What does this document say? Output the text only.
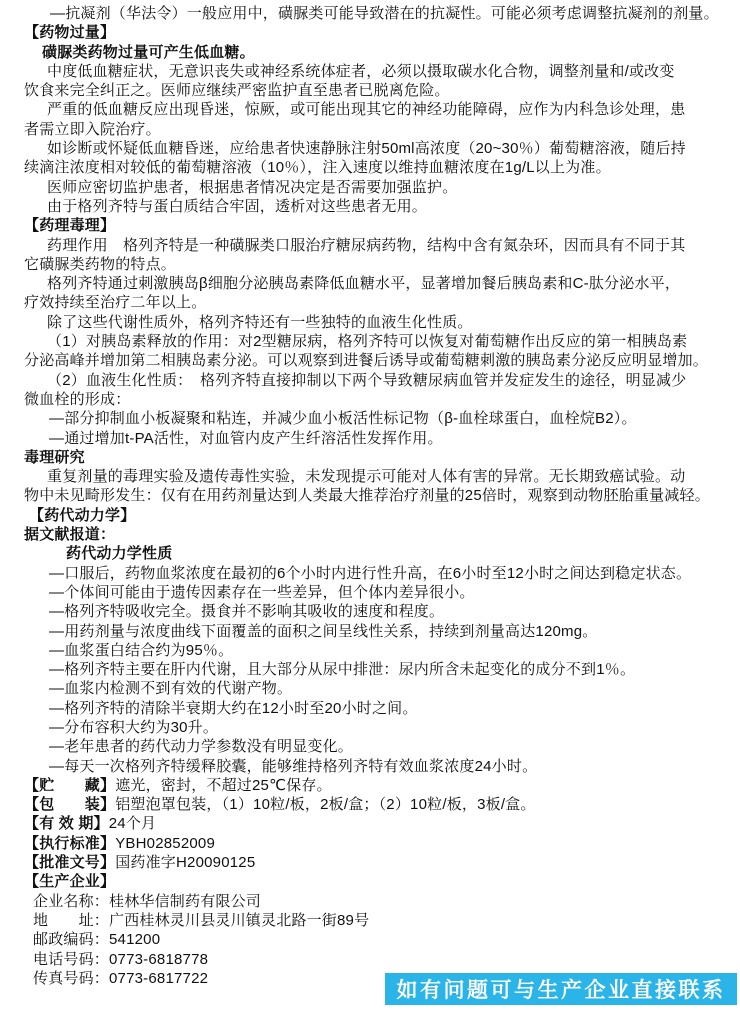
—抗凝剂（华法令）一般应用中，磺脲类可能导致潜在的抗凝性。可能必须考虑调整抗凝剂的剂量。
【药物过量】
磺脲类药物过量可产生低血糖。
中度低血糖症状，无意识丧失或神经系统体症者，必须以摄取碳水化合物，调整剂量和/或改变
饮食来完全纠正之。医师应继续严密监护直至患者已脱离危险。
严重的低血糖反应出现昏迷，惊厥，或可能出现其它的神经功能障碍，应作为内科急诊处理，患
者需立即入院治疗。
如诊断或怀疑低血糖昏迷，应给患者快速静脉注射50ml高浓度（20~30％）葡萄糖溶液，随后持
续滴注浓度相对较低的葡萄糖溶液（10％），注入速度以维持血糖浓度在1g/L以上为准。
医师应密切监护患者，根据患者情况决定是否需要加强监护。
由于格列齐特与蛋白质结合牢固，透析对这些患者无用。
【药理毒理】
药理作用　格列齐特是一种磺脲类口服治疗糖尿病药物，结构中含有氮杂环，因而具有不同于其
它磺脲类药物的特点。
格列齐特通过刺激胰岛β细胞分泌胰岛素降低血糖水平，显著增加餐后胰岛素和C-肽分泌水平，
疗效持续至治疗二年以上。
除了这些代谢性质外，格列齐特还有一些独特的血液生化性质。
（1）对胰岛素释放的作用：对2型糖尿病，格列齐特可以恢复对葡萄糖作出反应的第一相胰岛素
分泌高峰并增加第二相胰岛素分泌。可以观察到进餐后诱导或葡萄糖刺激的胰岛素分泌反应明显增加。
（2）血液生化性质：　格列齐特直接抑制以下两个导致糖尿病血管并发症发生的途径，明显减少
微血栓的形成：
—部分抑制血小板凝聚和粘连，并减少血小板活性标记物（β-血栓球蛋白，血栓烷B2）。
—通过增加t-PA活性，对血管内皮产生纤溶活性发挥作用。
毒理研究
重复剂量的毒理实验及遗传毒性实验，未发现提示可能对人体有害的异常。无长期致癌试验。动
物中未见畸形发生：仅有在用药剂量达到人类最大推荐治疗剂量的25倍时，观察到动物胚胎重量减轻。
【药代动力学】
据文献报道：
药代动力学性质
—口服后，药物血浆浓度在最初的6个小时内进行性升高，在6小时至12小时之间达到稳定状态。
—个体间可能由于遗传因素存在一些差异，但个体内差异很小。
—格列齐特吸收完全。摄食并不影响其吸收的速度和程度。
—用药剂量与浓度曲线下面覆盖的面积之间呈线性关系，持续到剂量高达120mg。
—血浆蛋白结合约为95％。
—格列齐特主要在肝内代谢，且大部分从尿中排泄：尿内所含未起变化的成分不到1％。
—血浆内检测不到有效的代谢产物。
—格列齐特的清除半衰期大约在12小时至20小时之间。
—分布容积大约为30升。
—老年患者的药代动力学参数没有明显变化。
—每天一次格列齐特缓释胶囊，能够维持格列齐特有效血浆浓度24小时。
【贮　　藏】遮光，密封，不超过25℃保存。
【包　　装】铝塑泡罩包装，（1）10粒/板，2板/盒；（2）10粒/板，3板/盒。
【有 效 期】24个月
【执行标准】YBH02852009
【批准文号】国药准字H20090125
【生产企业】
企业名称：桂林华信制药有限公司
地　　址：广西桂林灵川县灵川镇灵北路一街89号
邮政编码：541200
电话号码：0773-6818778
传真号码：0773-6817722
如有问题可与生产企业直接联系
